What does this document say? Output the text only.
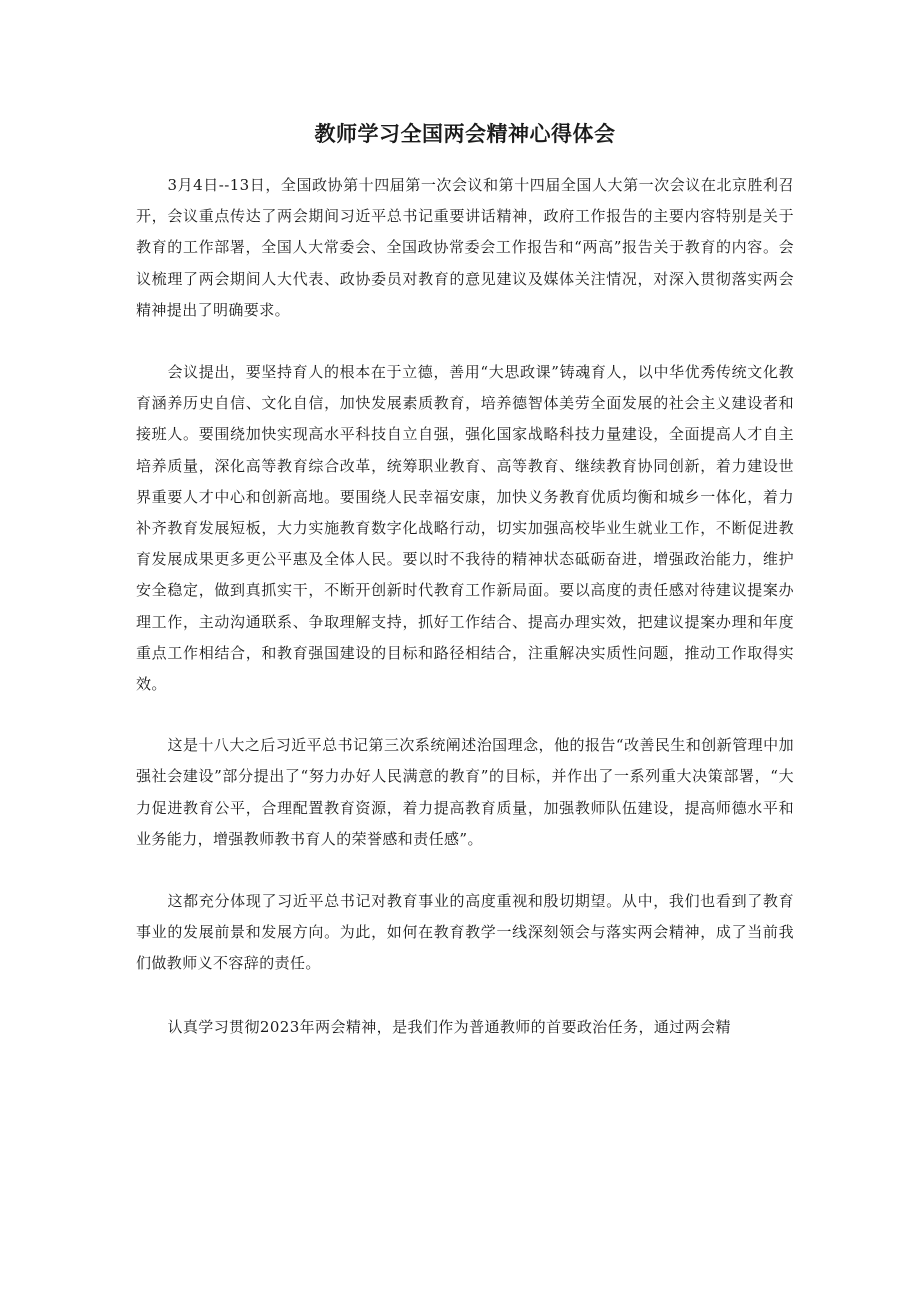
教师学习全国两会精神心得体会

3月4日--13日，全国政协第十四届第一次会议和第十四届全国人大第一次会议在北京胜利召开，会议重点传达了两会期间习近平总书记重要讲话精神，政府工作报告的主要内容特别是关于教育的工作部署，全国人大常委会、全国政协常委会工作报告和“两高”报告关于教育的内容。会议梳理了两会期间人大代表、政协委员对教育的意见建议及媒体关注情况，对深入贯彻落实两会精神提出了明确要求。

会议提出，要坚持育人的根本在于立德，善用“大思政课”铸魂育人，以中华优秀传统文化教育涵养历史自信、文化自信，加快发展素质教育，培养德智体美劳全面发展的社会主义建设者和接班人。要围绕加快实现高水平科技自立自强，强化国家战略科技力量建设，全面提高人才自主培养质量，深化高等教育综合改革，统筹职业教育、高等教育、继续教育协同创新，着力建设世界重要人才中心和创新高地。要围绕人民幸福安康，加快义务教育优质均衡和城乡一体化，着力补齐教育发展短板，大力实施教育数字化战略行动，切实加强高校毕业生就业工作，不断促进教育发展成果更多更公平惠及全体人民。要以时不我待的精神状态砥砺奋进，增强政治能力，维护安全稳定，做到真抓实干，不断开创新时代教育工作新局面。要以高度的责任感对待建议提案办理工作，主动沟通联系、争取理解支持，抓好工作结合、提高办理实效，把建议提案办理和年度重点工作相结合，和教育强国建设的目标和路径相结合，注重解决实质性问题，推动工作取得实效。

这是十八大之后习近平总书记第三次系统阐述治国理念，他的报告“改善民生和创新管理中加强社会建设”部分提出了“努力办好人民满意的教育”的目标，并作出了一系列重大决策部署，“大力促进教育公平，合理配置教育资源，着力提高教育质量，加强教师队伍建设，提高师德水平和业务能力，增强教师教书育人的荣誉感和责任感”。

这都充分体现了习近平总书记对教育事业的高度重视和殷切期望。从中，我们也看到了教育事业的发展前景和发展方向。为此，如何在教育教学一线深刻领会与落实两会精神，成了当前我们做教师义不容辞的责任。

认真学习贯彻2023年两会精神，是我们作为普通教师的首要政治任务，通过两会精
